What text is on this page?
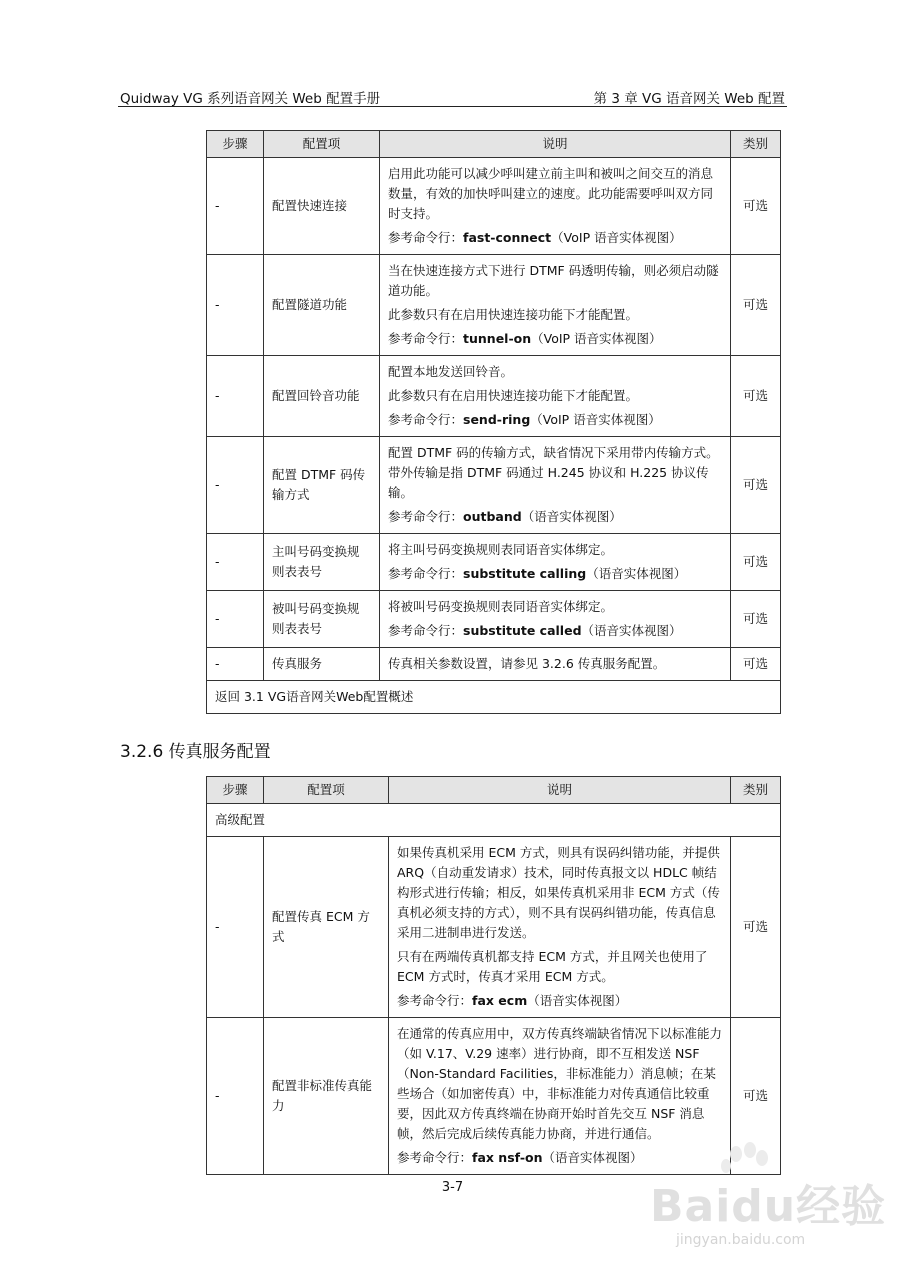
Quidway VG 系列语音网关 Web 配置手册	第 3 章 VG 语音网关 Web 配置
步骤	配置项	说明	类别
-	配置快速连接	启用此功能可以减少呼叫建立前主叫和被叫之间交互的消息数量，有效的加快呼叫建立的速度。此功能需要呼叫双方同时支持。

参考命令行：fast-connect（VoIP 语音实体视图）	可选
-	配置隧道功能	当在快速连接方式下进行 DTMF 码透明传输，则必须启动隧道功能。

此参数只有在启用快速连接功能下才能配置。

参考命令行：tunnel-on（VoIP 语音实体视图）	可选
-	配置回铃音功能	配置本地发送回铃音。

此参数只有在启用快速连接功能下才能配置。

参考命令行：send-ring（VoIP 语音实体视图）	可选
-	配置 DTMF 码传输方式	配置 DTMF 码的传输方式，缺省情况下采用带内传输方式。带外传输是指 DTMF 码通过 H.245 协议和 H.225 协议传输。

参考命令行：outband（语音实体视图）	可选
-	主叫号码变换规则表表号	将主叫号码变换规则表同语音实体绑定。

参考命令行：substitute calling（语音实体视图）	可选
-	被叫号码变换规则表表号	将被叫号码变换规则表同语音实体绑定。

参考命令行：substitute called（语音实体视图）	可选
-	传真服务	传真相关参数设置，请参见 3.2.6 传真服务配置。	可选
返回 3.1 VG语音网关Web配置概述			
3.2.6 传真服务配置
步骤	配置项	说明	类别
高级配置			
-	配置传真 ECM 方式	如果传真机采用 ECM 方式，则具有误码纠错功能，并提供 ARQ（自动重发请求）技术，同时传真报文以 HDLC 帧结构形式进行传输；相反，如果传真机采用非 ECM 方式（传真机必须支持的方式），则不具有误码纠错功能，传真信息采用二进制串进行发送。

只有在两端传真机都支持 ECM 方式，并且网关也使用了 ECM 方式时，传真才采用 ECM 方式。

参考命令行：fax ecm（语音实体视图）	可选
-	配置非标准传真能力	在通常的传真应用中，双方传真终端缺省情况下以标准能力（如 V.17、V.29 速率）进行协商，即不互相发送 NSF（Non-Standard Facilities，非标准能力）消息帧；在某些场合（如加密传真）中，非标准能力对传真通信比较重要，因此双方传真终端在协商开始时首先交互 NSF 消息帧，然后完成后续传真能力协商，并进行通信。

参考命令行：fax nsf-on（语音实体视图）	可选
3-7	Baidu经验
jingyan.baidu.com
